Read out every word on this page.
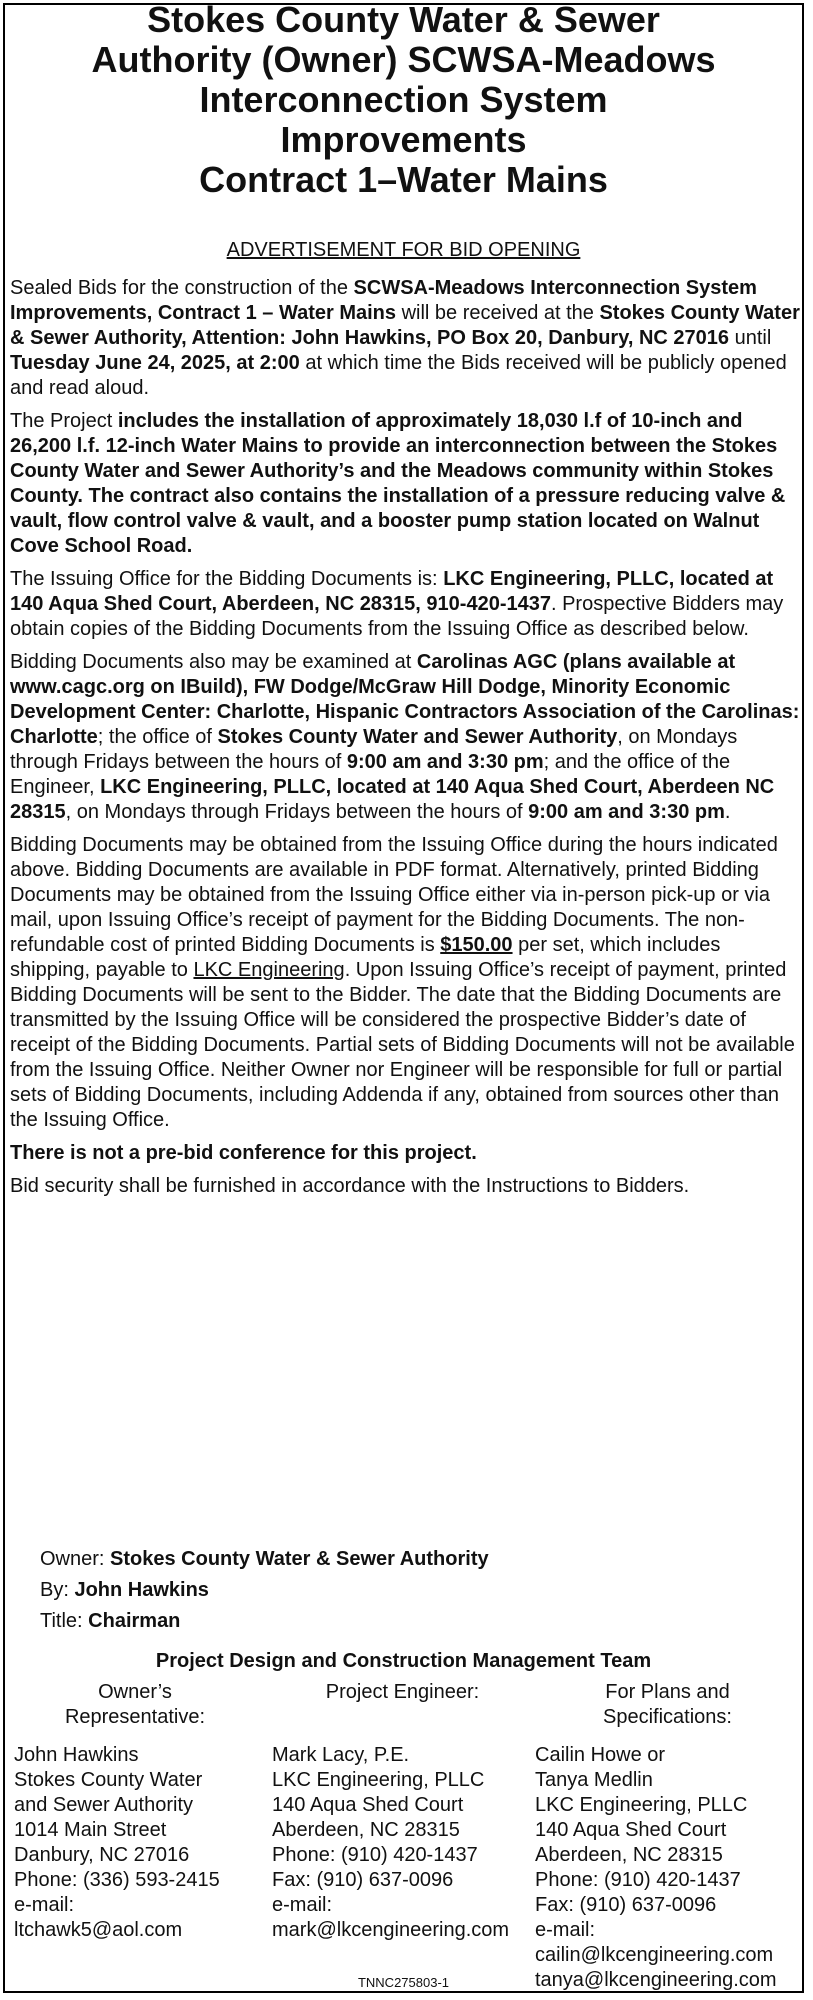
Stokes County Water & Sewer
Authority (Owner) SCWSA-Meadows
Interconnection System
Improvements
Contract 1–Water Mains
ADVERTISEMENT FOR BID OPENING

Sealed Bids for the construction of the SCWSA-Meadows Interconnection System Improvements, Contract 1 – Water Mains will be received at the Stokes County Water & Sewer Authority, Attention: John Hawkins, PO Box 20, Danbury, NC 27016 until Tuesday June 24, 2025, at 2:00 at which time the Bids received will be publicly opened and read aloud.

The Project includes the installation of approximately 18,030 l.f of 10-inch and 26,200 l.f. 12-inch Water Mains to provide an interconnection between the Stokes County Water and Sewer Authority’s and the Meadows community within Stokes County. The contract also contains the installation of a pressure reducing valve & vault, flow control valve & vault, and a booster pump station located on Walnut Cove School Road.

The Issuing Office for the Bidding Documents is: LKC Engineering, PLLC, located at 140 Aqua Shed Court, Aberdeen, NC 28315, 910-420-1437. Prospective Bidders may obtain copies of the Bidding Documents from the Issuing Office as described below.

Bidding Documents also may be examined at Carolinas AGC (plans available at www.cagc.org on IBuild), FW Dodge/McGraw Hill Dodge, Minority Economic Development Center: Charlotte, Hispanic Contractors Association of the Carolinas: Charlotte; the office of Stokes County Water and Sewer Authority, on Mondays through Fridays between the hours of 9:00 am and 3:30 pm; and the office of the Engineer, LKC Engineering, PLLC, located at 140 Aqua Shed Court, Aberdeen NC 28315, on Mondays through Fridays between the hours of 9:00 am and 3:30 pm.

Bidding Documents may be obtained from the Issuing Office during the hours indicated above. Bidding Documents are available in PDF format. Alternatively, printed Bidding Documents may be obtained from the Issuing Office either via in-person pick-up or via mail, upon Issuing Office’s receipt of payment for the Bidding Documents. The non-refundable cost of printed Bidding Documents is $150.00 per set, which includes shipping, payable to LKC Engineering. Upon Issuing Office’s receipt of payment, printed Bidding Documents will be sent to the Bidder. The date that the Bidding Documents are transmitted by the Issuing Office will be considered the prospective Bidder’s date of receipt of the Bidding Documents. Partial sets of Bidding Documents will not be available from the Issuing Office. Neither Owner nor Engineer will be responsible for full or partial sets of Bidding Documents, including Addenda if any, obtained from sources other than the Issuing Office.

There is not a pre-bid conference for this project.

Bid security shall be furnished in accordance with the Instructions to Bidders.

Owner: Stokes County Water & Sewer Authority
By: John Hawkins
Title: Chairman
Project Design and Construction Management Team
Owner’s
Representative:
Project Engineer:	For Plans and
Specifications:
John Hawkins
Stokes County Water
and Sewer Authority
1014 Main Street
Danbury, NC 27016
Phone: (336) 593-2415
e-mail:
ltchawk5@aol.com
Mark Lacy, P.E.
LKC Engineering, PLLC
140 Aqua Shed Court
Aberdeen, NC 28315
Phone: (910) 420-1437
Fax: (910) 637-0096
e-mail:
mark@lkcengineering.com
Cailin Howe or
Tanya Medlin
LKC Engineering, PLLC
140 Aqua Shed Court
Aberdeen, NC 28315
Phone: (910) 420-1437
Fax: (910) 637-0096
e-mail:
cailin@lkcengineering.com
tanya@lkcengineering.com
TNNC275803-1
